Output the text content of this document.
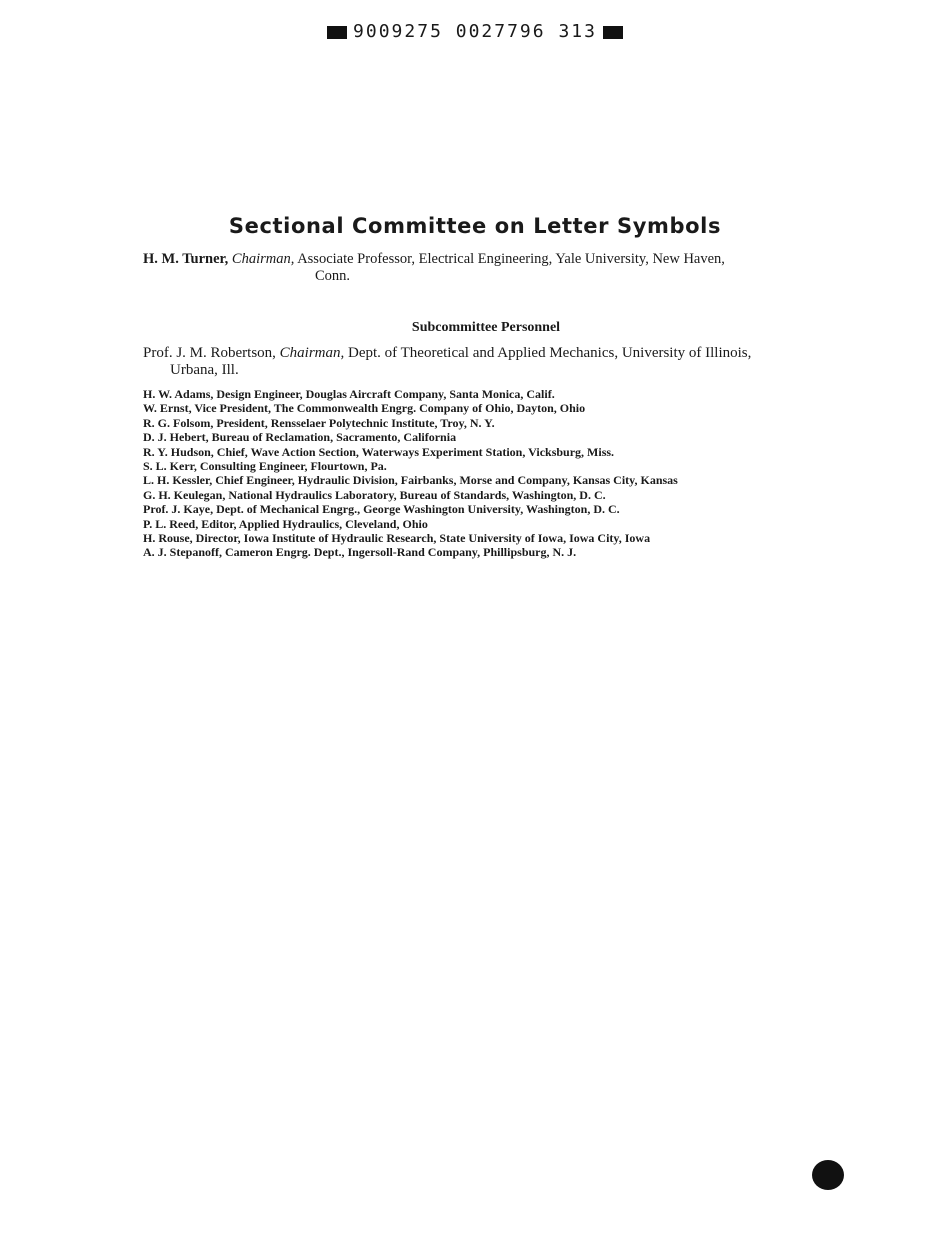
9009275 0027796 313
Sectional Committee on Letter Symbols
H. M. Turner, Chairman, Associate Professor, Electrical Engineering, Yale University, New Haven,
Conn.
Subcommittee Personnel
Prof. J. M. Robertson, Chairman, Dept. of Theoretical and Applied Mechanics, University of Illinois,
Urbana, Ill.
H. W. Adams, Design Engineer, Douglas Aircraft Company, Santa Monica, Calif.
W. Ernst, Vice President, The Commonwealth Engrg. Company of Ohio, Dayton, Ohio
R. G. Folsom, President, Rensselaer Polytechnic Institute, Troy, N. Y.
D. J. Hebert, Bureau of Reclamation, Sacramento, California
R. Y. Hudson, Chief, Wave Action Section, Waterways Experiment Station, Vicksburg, Miss.
S. L. Kerr, Consulting Engineer, Flourtown, Pa.
L. H. Kessler, Chief Engineer, Hydraulic Division, Fairbanks, Morse and Company, Kansas City, Kansas
G. H. Keulegan, National Hydraulics Laboratory, Bureau of Standards, Washington, D. C.
Prof. J. Kaye, Dept. of Mechanical Engrg., George Washington University, Washington, D. C.
P. L. Reed, Editor, Applied Hydraulics, Cleveland, Ohio
H. Rouse, Director, Iowa Institute of Hydraulic Research, State University of Iowa, Iowa City, Iowa
A. J. Stepanoff, Cameron Engrg. Dept., Ingersoll-Rand Company, Phillipsburg, N. J.
